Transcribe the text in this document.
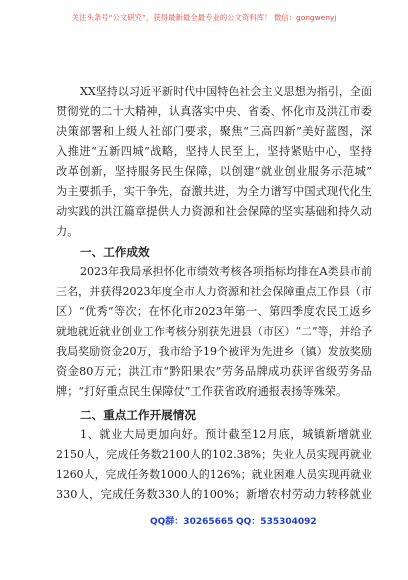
关注头条号“公文研究”，获得最新最全最专业的公文资料库！ 微信：gongwenyj
XX坚持以习近平新时代中国特色社会主义思想为指引，全面
贯彻党的二十大精神，认真落实中央、省委、怀化市及洪江市委
决策部署和上级人社部门要求，聚焦“三高四新”美好蓝图，深
入推进“五新四城”战略，坚持人民至上，坚持紧贴中心，坚持
改革创新，坚持服务民生保障，以创建“就业创业服务示范城”
为主要抓手，实干争先，奋激共进，为全力谱写中国式现代化生
动实践的洪江篇章提供人力资源和社会保障的坚实基础和持久动
力。
一、工作成效
2023年我局承担怀化市绩效考核各项指标均排在A类县市前
三名，并获得2023年度全市人力资源和社会保障重点工作县（市
区）“优秀”等次；在怀化市2023年第一、第四季度农民工返乡
就地就近就业创业工作考核分别获先进县（市区）“二”等，并给予
我局奖励资金20万，我市给予19个被评为先进乡（镇）发放奖励
资金80万元；洪江市“黔阳果农”劳务品牌成功获评省级劳务品
牌；“打好重点民生保障仗”工作获省政府通报表扬等殊荣。
二、重点工作开展情况
1、就业大局更加向好。预计截至12月底，城镇新增就业
2150人，完成任务数2100人的102.38%；失业人员实现再就业
1260人，完成任务数1000人的126%；就业困难人员实现再就业
330人，完成任务数330人的100%；新增农村劳动力转移就业
QQ群：30265665 QQ：535304092
